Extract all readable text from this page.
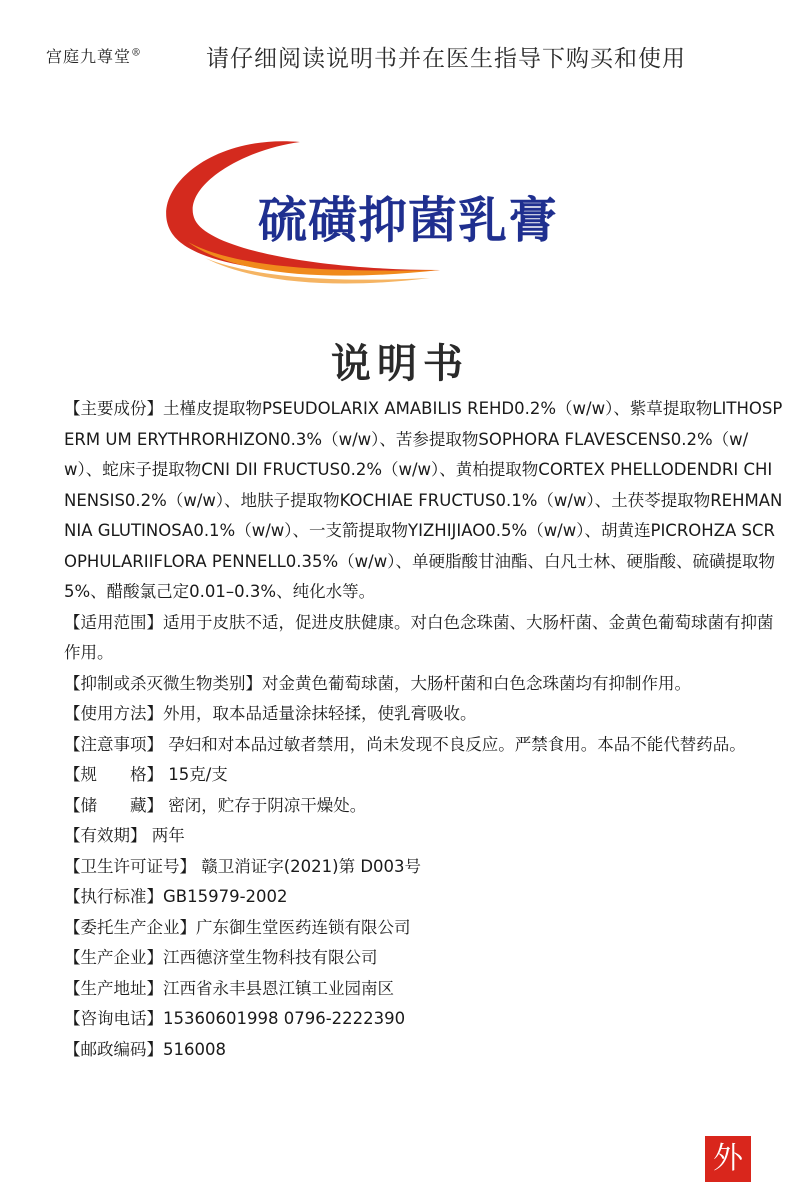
宫庭九尊堂®	请仔细阅读说明书并在医生指导下购买和使用
硫磺抑菌乳膏
说明书

【主要成份】土槿皮提取物PSEUDOLARIX AMABILIS REHD0.2%（w/w）、紫草提取物LITHOSPERM UM ERYTHRORHIZON0.3%（w/w）、苦参提取物SOPHORA FLAVESCENS0.2%（w/w）、蛇床子提取物CNI DII FRUCTUS0.2%（w/w）、黄柏提取物CORTEX PHELLODENDRI CHINENSIS0.2%（w/w）、地肤子提取物KOCHIAE FRUCTUS0.1%（w/w）、土茯苓提取物REHMANNIA GLUTINOSA0.1%（w/w）、一支箭提取物YIZHIJIAO0.5%（w/w）、胡黄连PICROHZA SCROPHULARIIFLORA PENNELL0.35%（w/w）、单硬脂酸甘油酯、白凡士林、硬脂酸、硫磺提取物5%、醋酸氯己定0.01–0.3%、纯化水等。

【适用范围】适用于皮肤不适，促进皮肤健康。对白色念珠菌、大肠杆菌、金黄色葡萄球菌有抑菌作用。

【抑制或杀灭微生物类别】对金黄色葡萄球菌，大肠杆菌和白色念珠菌均有抑制作用。

【使用方法】外用，取本品适量涂抹轻揉，使乳膏吸收。

【注意事项】 孕妇和对本品过敏者禁用，尚未发现不良反应。严禁食用。本品不能代替药品。

【规　　格】 15克/支

【储　　藏】 密闭，贮存于阴凉干燥处。

【有效期】 两年

【卫生许可证号】 赣卫消证字(2021)第 D003号

【执行标准】GB15979-2002

【委托生产企业】广东御生堂医药连锁有限公司

【生产企业】江西德济堂生物科技有限公司

【生产地址】江西省永丰县恩江镇工业园南区

【咨询电话】15360601998 0796-2222390

【邮政编码】516008

外
